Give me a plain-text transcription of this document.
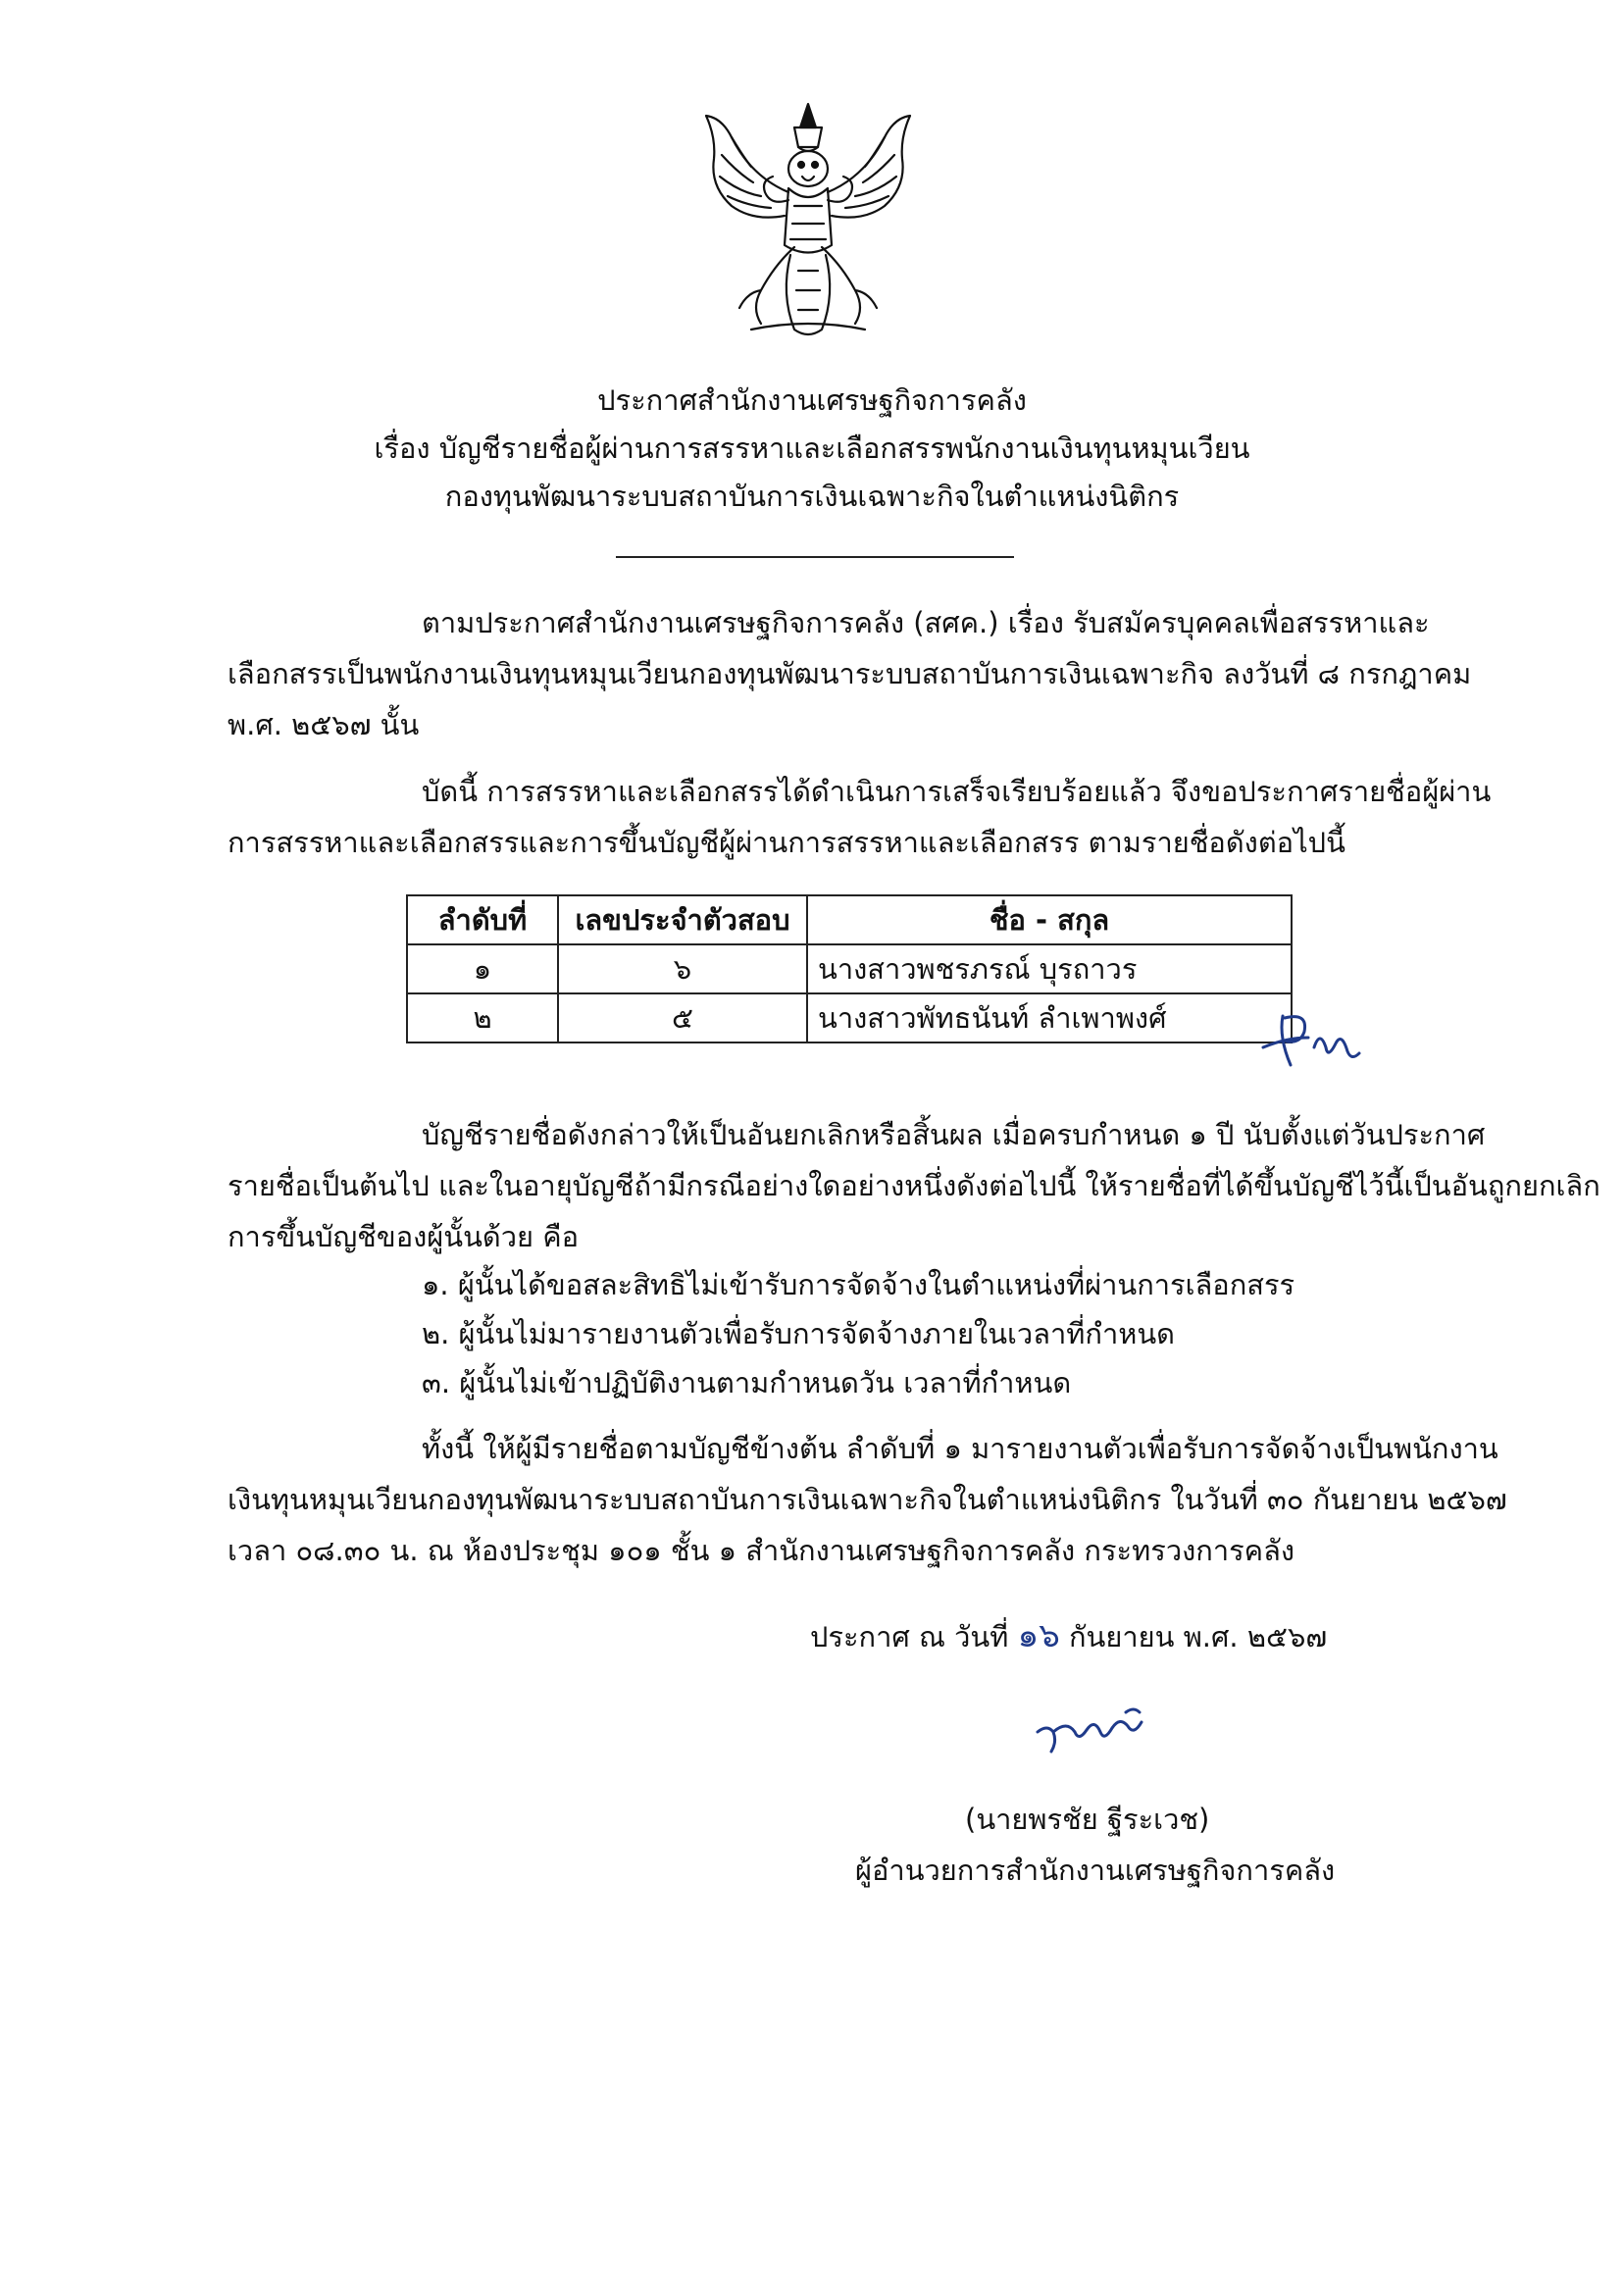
ประกาศสำนักงานเศรษฐกิจการคลัง
เรื่อง บัญชีรายชื่อผู้ผ่านการสรรหาและเลือกสรรพนักงานเงินทุนหมุนเวียน
กองทุนพัฒนาระบบสถาบันการเงินเฉพาะกิจในตำแหน่งนิติกร
ตามประกาศสำนักงานเศรษฐกิจการคลัง (สศค.) เรื่อง รับสมัครบุคคลเพื่อสรรหาและ
เลือกสรรเป็นพนักงานเงินทุนหมุนเวียนกองทุนพัฒนาระบบสถาบันการเงินเฉพาะกิจ ลงวันที่ ๘ กรกฎาคม
พ.ศ. ๒๕๖๗ นั้น
บัดนี้ การสรรหาและเลือกสรรได้ดำเนินการเสร็จเรียบร้อยแล้ว จึงขอประกาศรายชื่อผู้ผ่าน
การสรรหาและเลือกสรรและการขึ้นบัญชีผู้ผ่านการสรรหาและเลือกสรร ตามรายชื่อดังต่อไปนี้
ลำดับที่	เลขประจำตัวสอบ	ชื่อ - สกุล
๑	๖	นางสาวพชรภรณ์ บุรถาวร
๒	๕	นางสาวพัทธนันท์ ลำเพาพงศ์
บัญชีรายชื่อดังกล่าวให้เป็นอันยกเลิกหรือสิ้นผล เมื่อครบกำหนด ๑ ปี นับตั้งแต่วันประกาศ
รายชื่อเป็นต้นไป และในอายุบัญชีถ้ามีกรณีอย่างใดอย่างหนึ่งดังต่อไปนี้ ให้รายชื่อที่ได้ขึ้นบัญชีไว้นี้เป็นอันถูกยกเลิก
การขึ้นบัญชีของผู้นั้นด้วย คือ
๑. ผู้นั้นได้ขอสละสิทธิไม่เข้ารับการจัดจ้างในตำแหน่งที่ผ่านการเลือกสรร
๒. ผู้นั้นไม่มารายงานตัวเพื่อรับการจัดจ้างภายในเวลาที่กำหนด
๓. ผู้นั้นไม่เข้าปฏิบัติงานตามกำหนดวัน เวลาที่กำหนด
ทั้งนี้ ให้ผู้มีรายชื่อตามบัญชีข้างต้น ลำดับที่ ๑ มารายงานตัวเพื่อรับการจัดจ้างเป็นพนักงาน
เงินทุนหมุนเวียนกองทุนพัฒนาระบบสถาบันการเงินเฉพาะกิจในตำแหน่งนิติกร ในวันที่ ๓๐ กันยายน ๒๕๖๗
เวลา ๐๘.๓๐ น. ณ ห้องประชุม ๑๐๑ ชั้น ๑ สำนักงานเศรษฐกิจการคลัง กระทรวงการคลัง
ประกาศ ณ วันที่ ๑๖ กันยายน พ.ศ. ๒๕๖๗
(นายพรชัย ฐีระเวช)
ผู้อำนวยการสำนักงานเศรษฐกิจการคลัง
